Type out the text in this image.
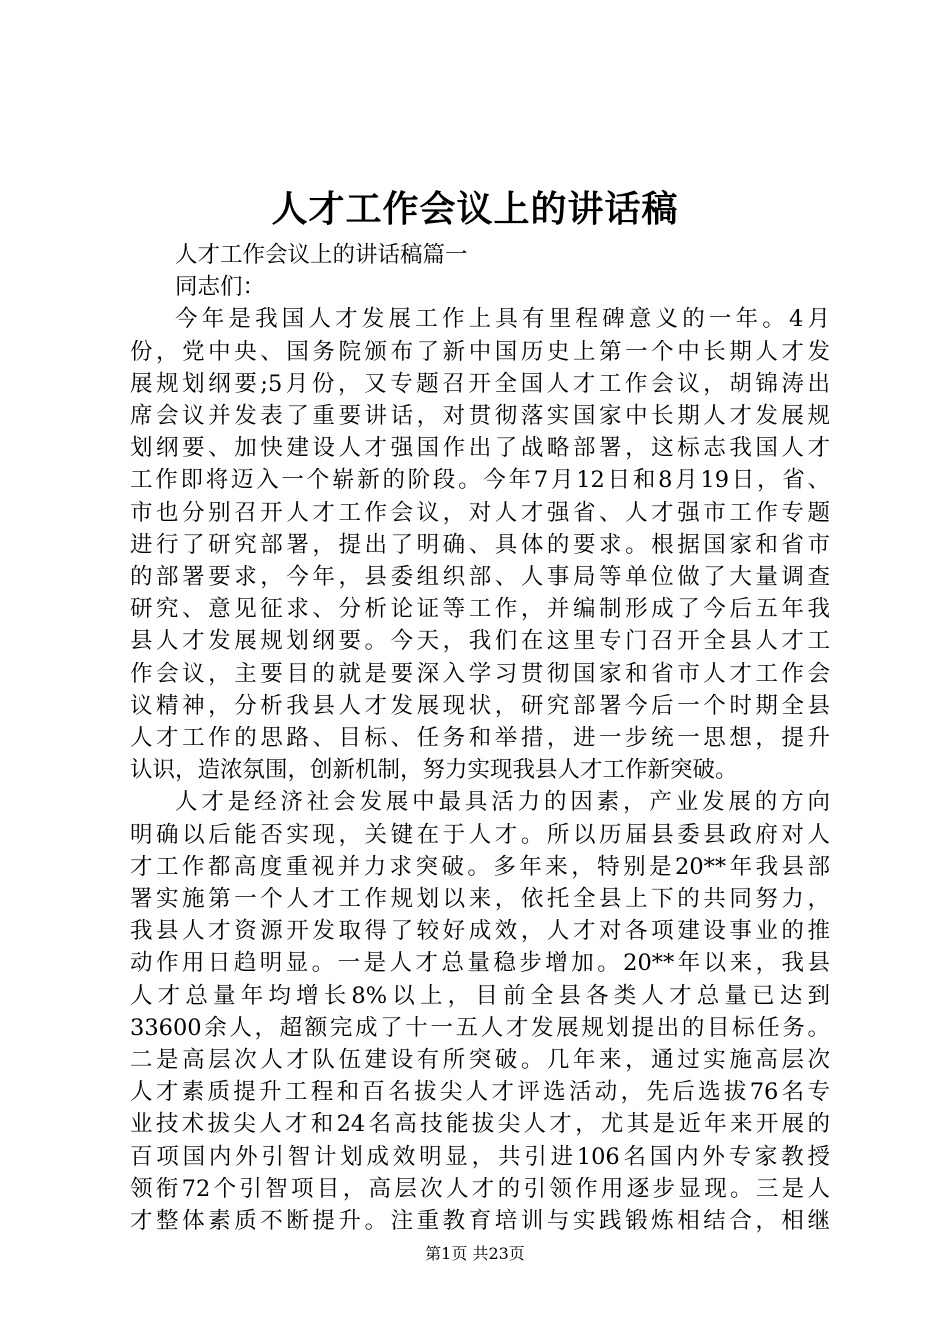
人才工作会议上的讲话稿
人才工作会议上的讲话稿篇一
同志们：
今年是我国人才发展工作上具有里程碑意义的一年。4月
份，党中央、国务院颁布了新中国历史上第一个中长期人才发
展规划纲要;5月份，又专题召开全国人才工作会议，胡锦涛出
席会议并发表了重要讲话，对贯彻落实国家中长期人才发展规
划纲要、加快建设人才强国作出了战略部署，这标志我国人才
工作即将迈入一个崭新的阶段。今年7月12日和8月19日，省、
市也分别召开人才工作会议，对人才强省、人才强市工作专题
进行了研究部署，提出了明确、具体的要求。根据国家和省市
的部署要求，今年，县委组织部、人事局等单位做了大量调查
研究、意见征求、分析论证等工作，并编制形成了今后五年我
县人才发展规划纲要。今天，我们在这里专门召开全县人才工
作会议，主要目的就是要深入学习贯彻国家和省市人才工作会
议精神，分析我县人才发展现状，研究部署今后一个时期全县
人才工作的思路、目标、任务和举措，进一步统一思想，提升
认识，造浓氛围，创新机制，努力实现我县人才工作新突破。
人才是经济社会发展中最具活力的因素，产业发展的方向
明确以后能否实现，关键在于人才。所以历届县委县政府对人
才工作都高度重视并力求突破。多年来，特别是20**年我县部
署实施第一个人才工作规划以来，依托全县上下的共同努力，
我县人才资源开发取得了较好成效，人才对各项建设事业的推
动作用日趋明显。一是人才总量稳步增加。20**年以来，我县
人才总量年均增长8%以上，目前全县各类人才总量已达到
33600余人，超额完成了十一五人才发展规划提出的目标任务。
二是高层次人才队伍建设有所突破。几年来，通过实施高层次
人才素质提升工程和百名拔尖人才评选活动，先后选拔76名专
业技术拔尖人才和24名高技能拔尖人才，尤其是近年来开展的
百项国内外引智计划成效明显，共引进106名国内外专家教授
领衔72个引智项目，高层次人才的引领作用逐步显现。三是人
才整体素质不断提升。注重教育培训与实践锻炼相结合，相继
第1页 共23页
